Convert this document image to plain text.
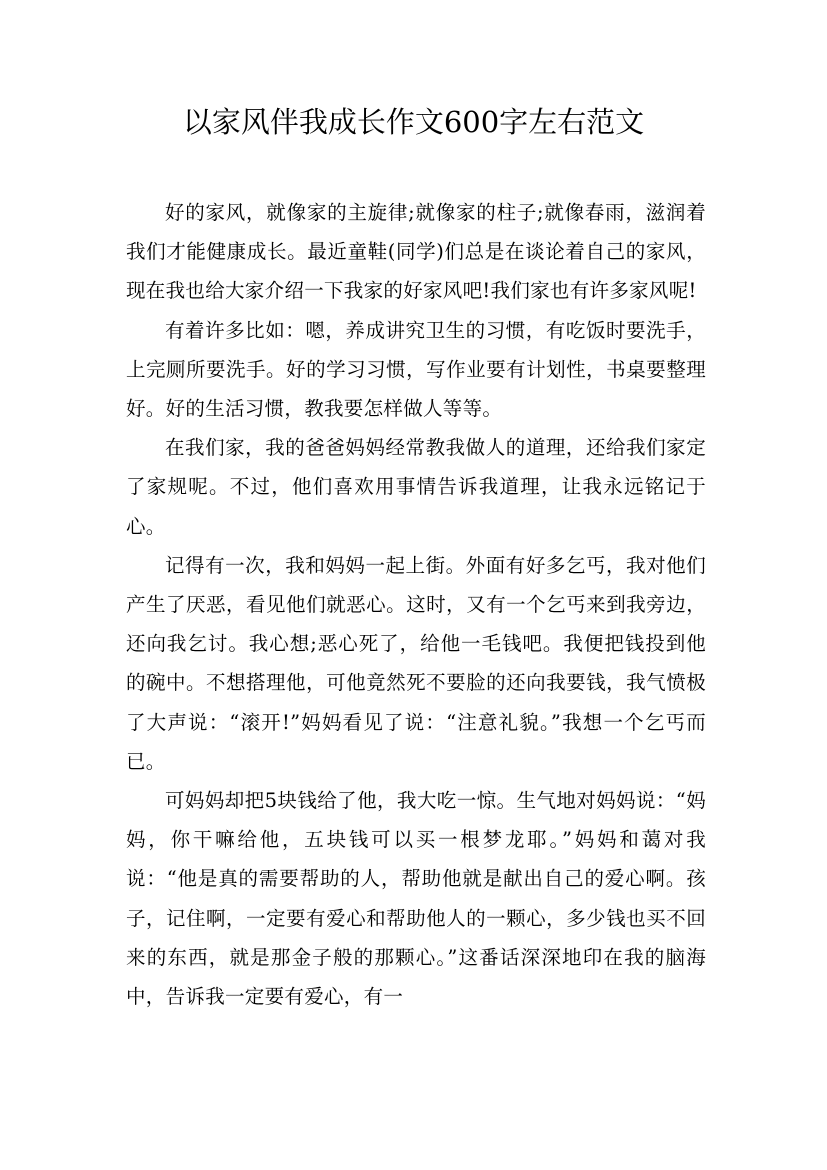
以家风伴我成长作文600字左右范文

好的家风，就像家的主旋律;就像家的柱子;就像春雨，滋润着我们才能健康成长。最近童鞋(同学)们总是在谈论着自己的家风，现在我也给大家介绍一下我家的好家风吧!我们家也有许多家风呢!

有着许多比如：嗯，养成讲究卫生的习惯，有吃饭时要洗手，上完厕所要洗手。好的学习习惯，写作业要有计划性，书桌要整理好。好的生活习惯，教我要怎样做人等等。

在我们家，我的爸爸妈妈经常教我做人的道理，还给我们家定了家规呢。不过，他们喜欢用事情告诉我道理，让我永远铭记于心。

记得有一次，我和妈妈一起上街。外面有好多乞丐，我对他们产生了厌恶，看见他们就恶心。这时，又有一个乞丐来到我旁边，还向我乞讨。我心想;恶心死了，给他一毛钱吧。我便把钱投到他的碗中。不想搭理他，可他竟然死不要脸的还向我要钱，我气愤极了大声说：“滚开!”妈妈看见了说：“注意礼貌。”我想一个乞丐而已。

可妈妈却把5块钱给了他，我大吃一惊。生气地对妈妈说：“妈妈，你干嘛给他，五块钱可以买一根梦龙耶。”妈妈和蔼对我说：“他是真的需要帮助的人，帮助他就是献出自己的爱心啊。孩子，记住啊，一定要有爱心和帮助他人的一颗心，多少钱也买不回来的东西，就是那金子般的那颗心。”这番话深深地印在我的脑海中，告诉我一定要有爱心，有一
